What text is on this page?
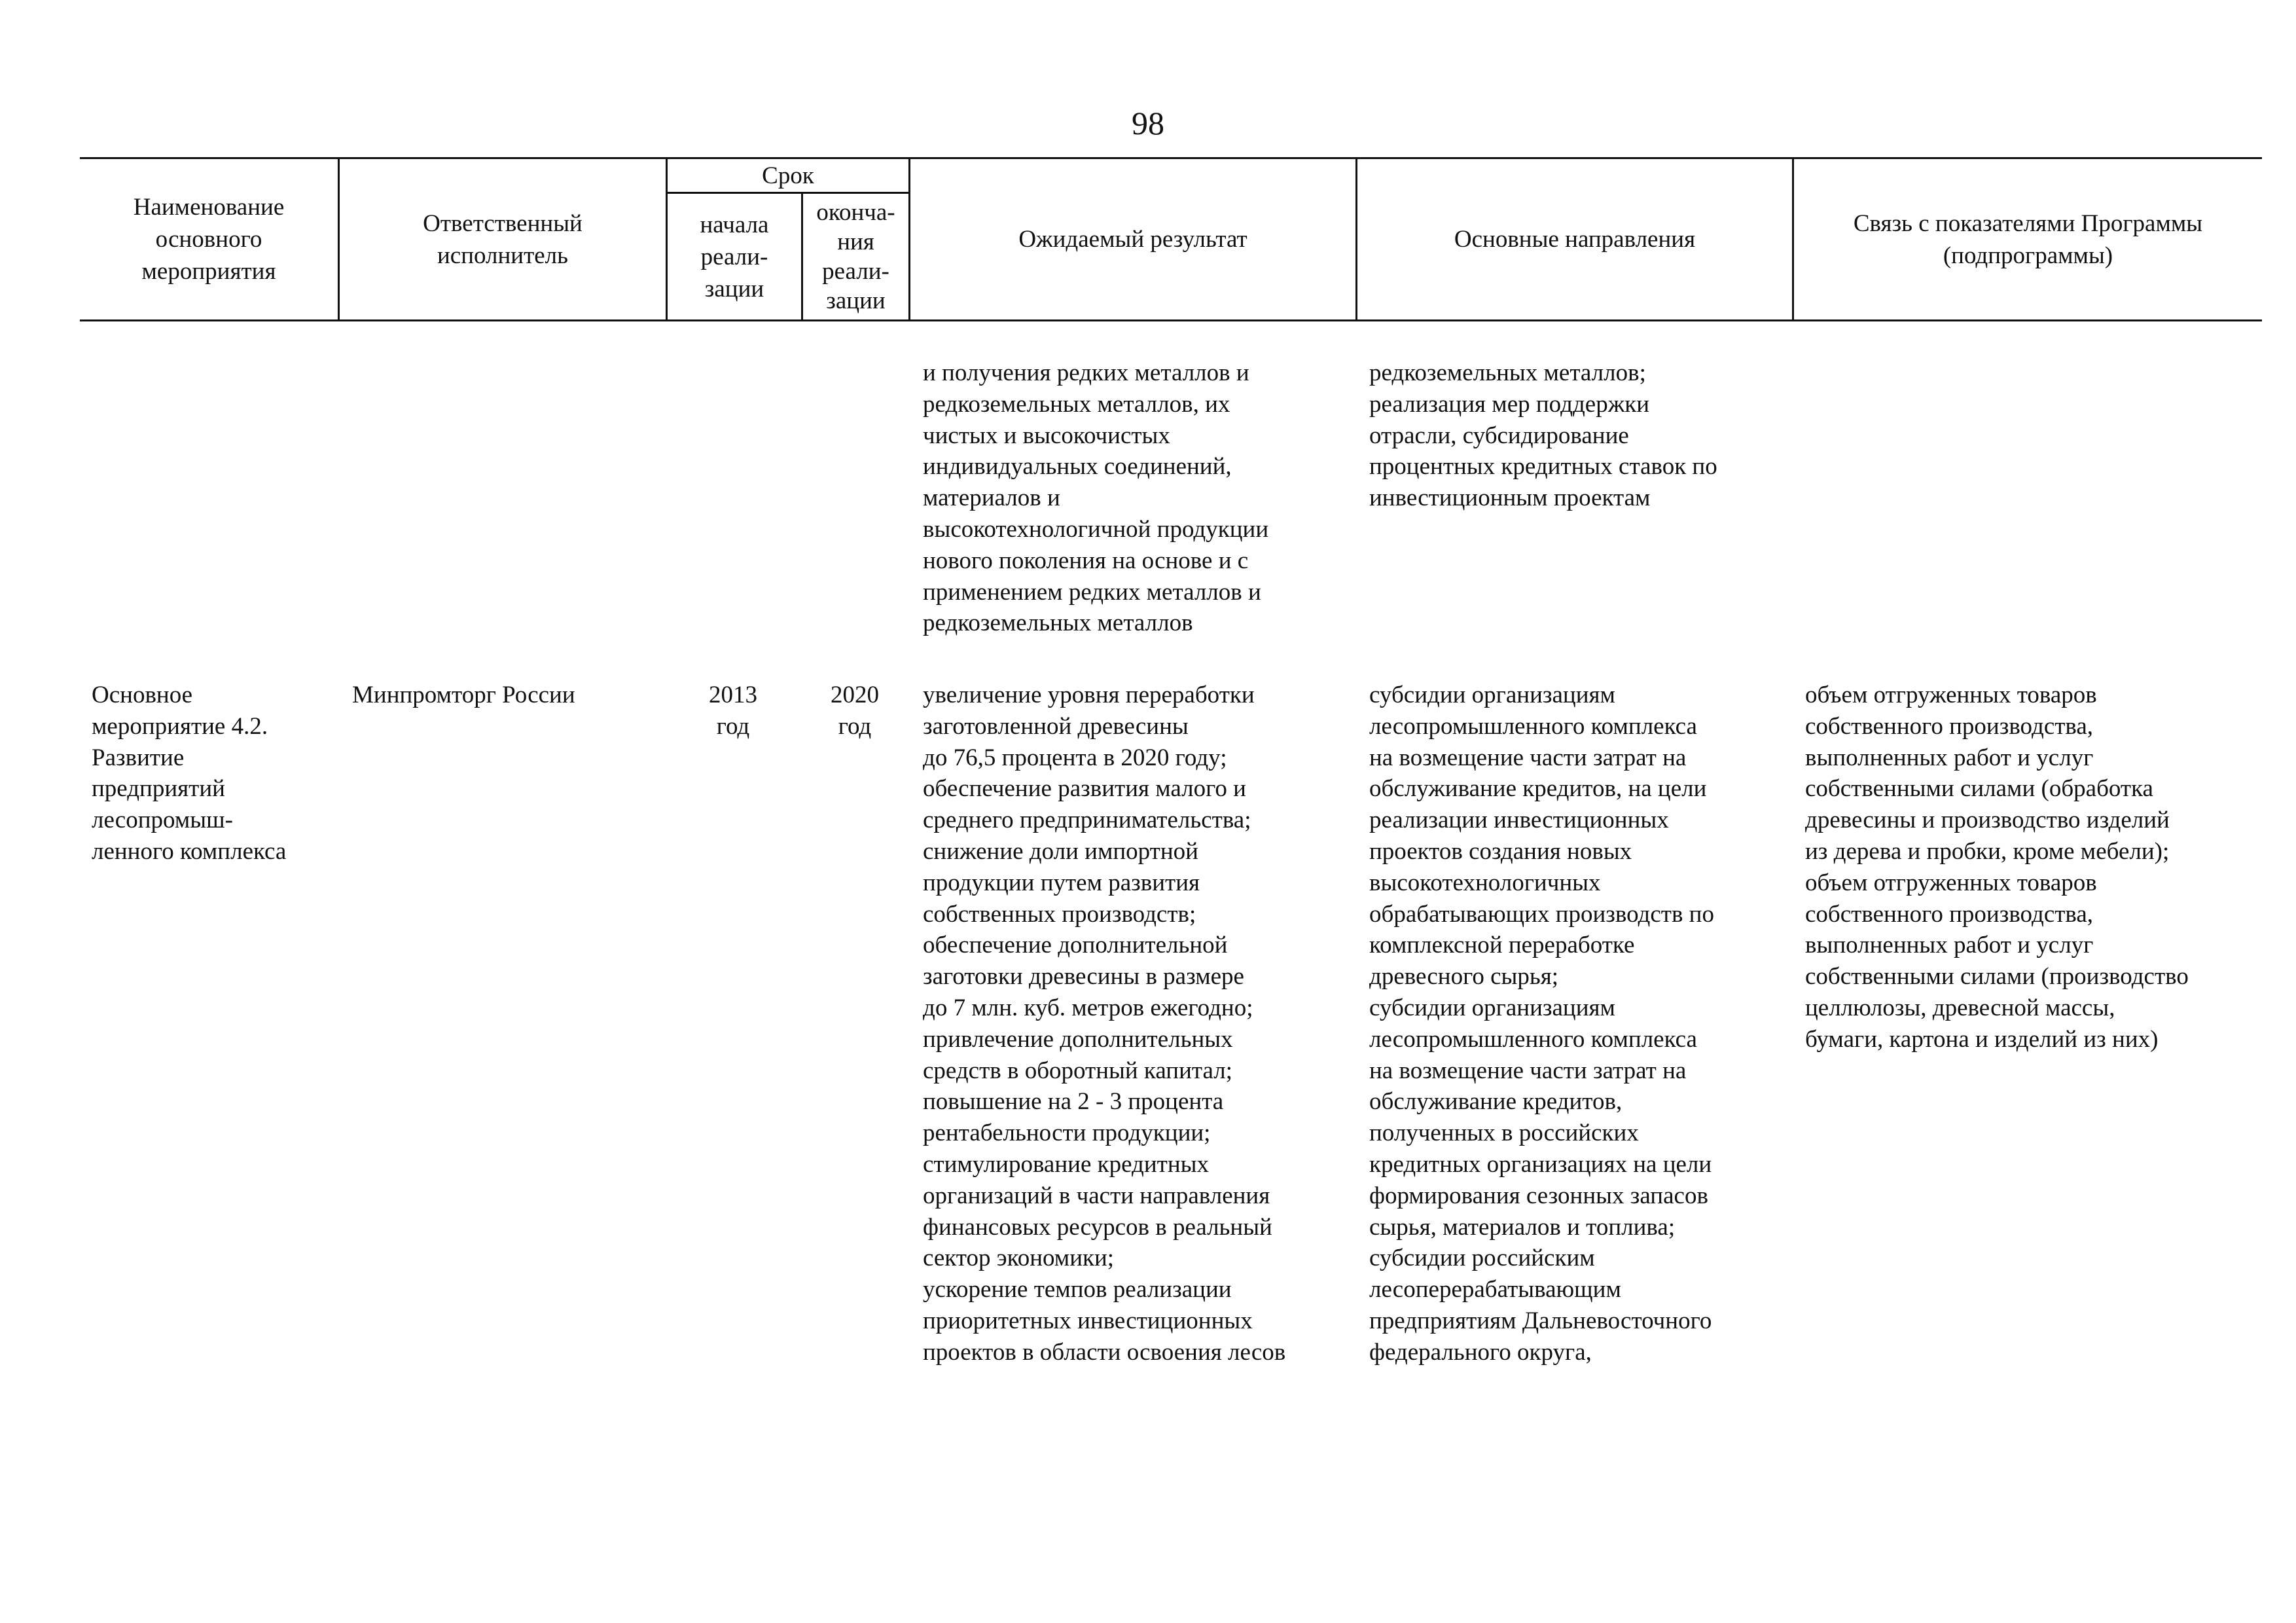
98
Наименование
основного
мероприятия
Ответственный
исполнитель
Срок
начала
реали-
зации
оконча-
ния
реали-
зации
Ожидаемый результат	Основные направления
Связь с показателями Программы
(подпрограммы)
и получения редких металлов и
редкоземельных металлов, их
чистых и высокочистых
индивидуальных соединений,
материалов и
высокотехнологичной продукции
нового поколения на основе и с
применением редких металлов и
редкоземельных металлов
редкоземельных металлов;
реализация мер поддержки
отрасли, субсидирование
процентных кредитных ставок по
инвестиционным проектам
Основное
мероприятие 4.2.
Развитие
предприятий
лесопромыш-
ленного комплекса
Минпромторг России	2013
год
2020
год
увеличение уровня переработки
заготовленной древесины
до 76,5 процента в 2020 году;
обеспечение развития малого и
среднего предпринимательства;
снижение доли импортной
продукции путем развития
собственных производств;
обеспечение дополнительной
заготовки древесины в размере
до 7 млн. куб. метров ежегодно;
привлечение дополнительных
средств в оборотный капитал;
повышение на 2 - 3 процента
рентабельности продукции;
стимулирование кредитных
организаций в части направления
финансовых ресурсов в реальный
сектор экономики;
ускорение темпов реализации
приоритетных инвестиционных
проектов в области освоения лесов
субсидии организациям
лесопромышленного комплекса
на возмещение части затрат на
обслуживание кредитов, на цели
реализации инвестиционных
проектов создания новых
высокотехнологичных
обрабатывающих производств по
комплексной переработке
древесного сырья;
субсидии организациям
лесопромышленного комплекса
на возмещение части затрат на
обслуживание кредитов,
полученных в российских
кредитных организациях на цели
формирования сезонных запасов
сырья, материалов и топлива;
субсидии российским
лесоперерабатывающим
предприятиям Дальневосточного
федерального округа,
объем отгруженных товаров
собственного производства,
выполненных работ и услуг
собственными силами (обработка
древесины и производство изделий
из дерева и пробки, кроме мебели);
объем отгруженных товаров
собственного производства,
выполненных работ и услуг
собственными силами (производство
целлюлозы, древесной массы,
бумаги, картона и изделий из них)
